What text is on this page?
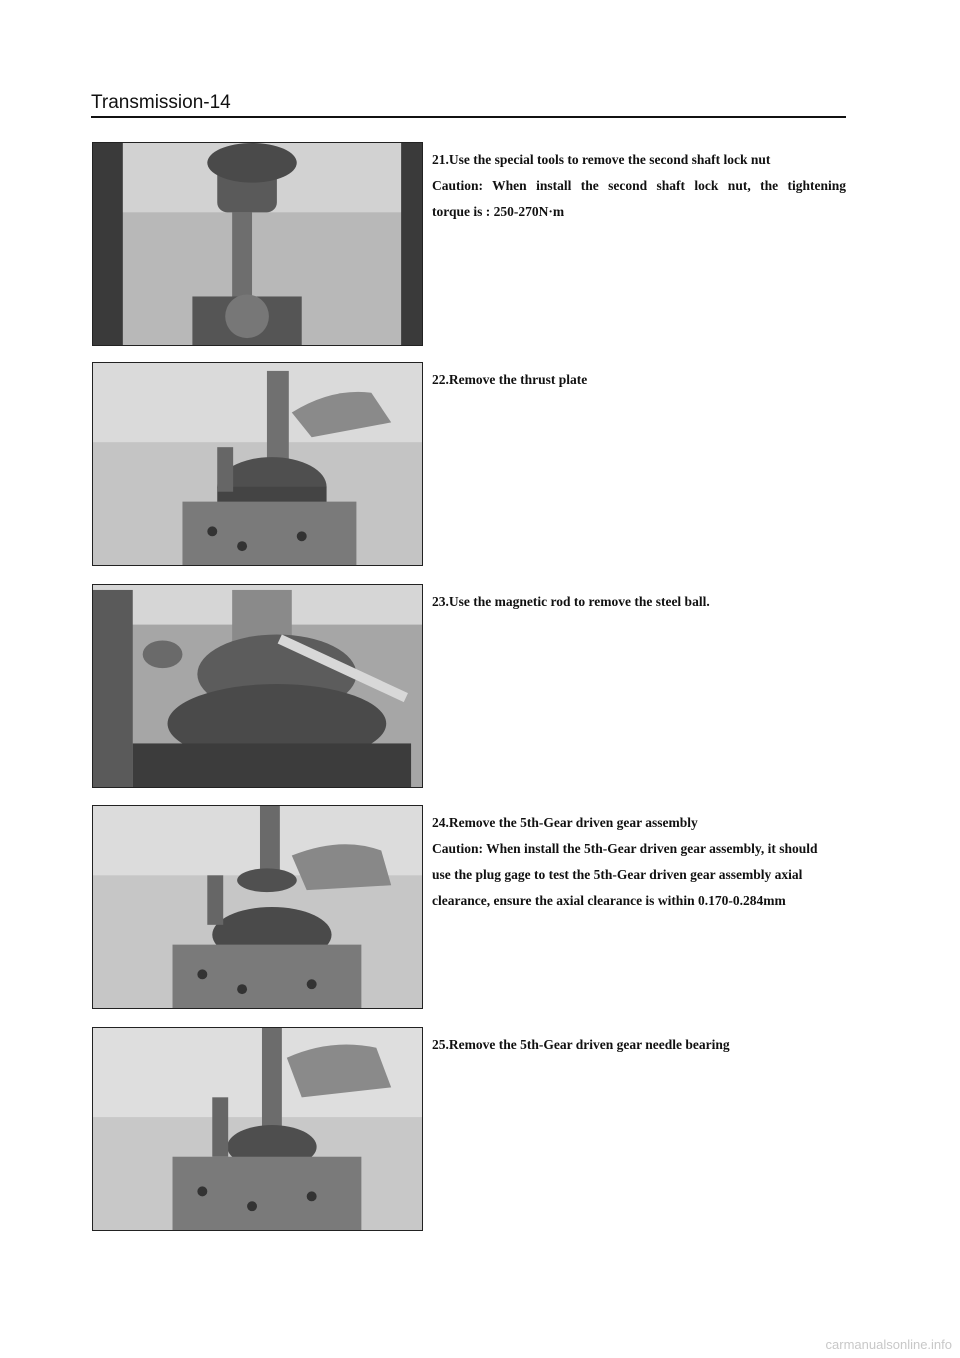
Transmission-14
21.Use the special tools to remove the second shaft lock nut
Caution: When install the second shaft lock nut, the tightening
torque is : 250-270N·m
22.Remove the thrust plate
23.Use the magnetic rod to remove the steel ball.
24.Remove the 5th-Gear driven gear assembly
Caution: When install the 5th-Gear driven gear assembly, it should
use the plug gage to test the 5th-Gear driven gear assembly axial
clearance, ensure the axial clearance is within 0.170-0.284mm
25.Remove the 5th-Gear driven gear needle bearing
carmanualsonline.info
